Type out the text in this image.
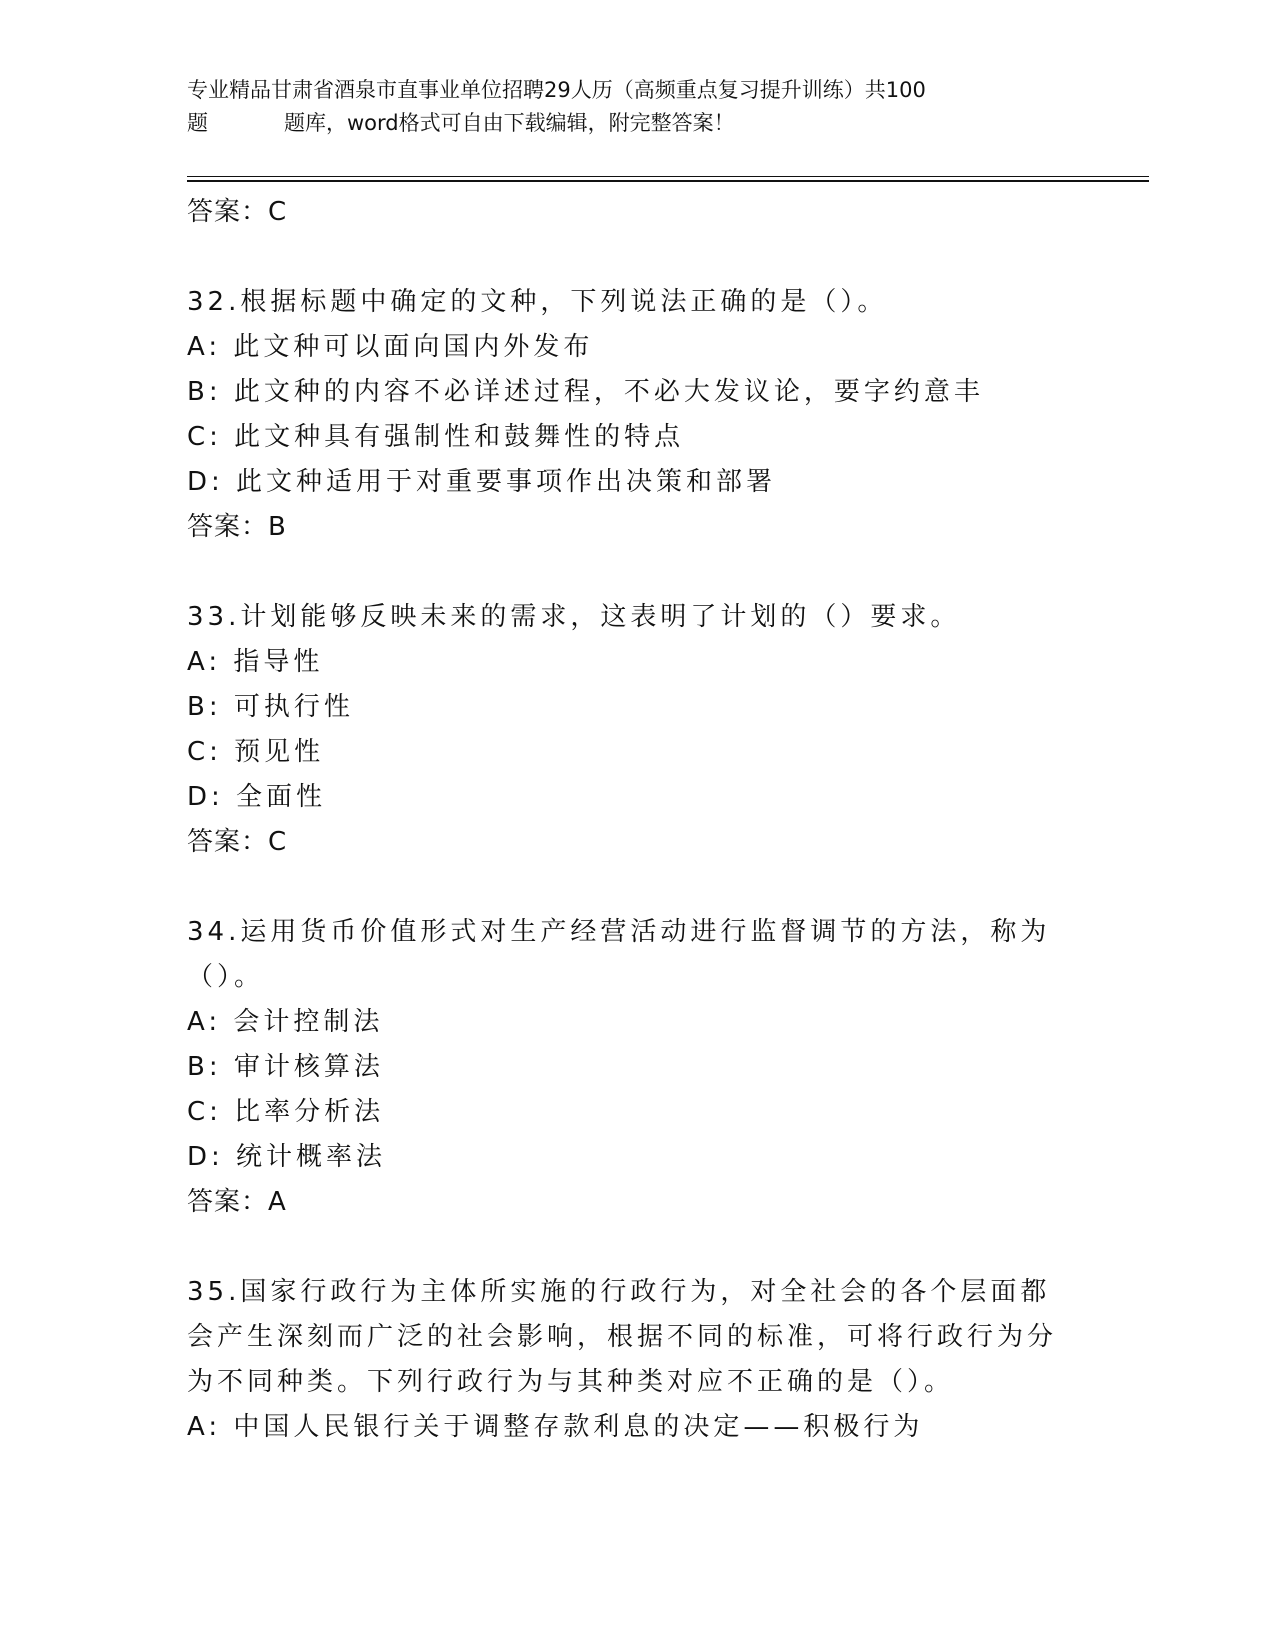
专业精品甘肃省酒泉市直事业单位招聘29人历（高频重点复习提升训练）共100
题	题库，word格式可自由下载编辑，附完整答案！
答案：C
32.根据标题中确定的文种，下列说法正确的是（）。
A: 此文种可以面向国内外发布
B: 此文种的内容不必详述过程，不必大发议论，要字约意丰
C: 此文种具有强制性和鼓舞性的特点
D: 此文种适用于对重要事项作出决策和部署
答案：B
33.计划能够反映未来的需求，这表明了计划的（）要求。
A: 指导性
B: 可执行性
C: 预见性
D: 全面性
答案：C
34.运用货币价值形式对生产经营活动进行监督调节的方法，称为（）。
A: 会计控制法
B: 审计核算法
C: 比率分析法
D: 统计概率法
答案：A
35.国家行政行为主体所实施的行政行为，对全社会的各个层面都会产生深刻而广泛的社会影响，根据不同的标准，可将行政行为分为不同种类。下列行政行为与其种类对应不正确的是（）。
A: 中国人民银行关于调整存款利息的决定——积极行为
